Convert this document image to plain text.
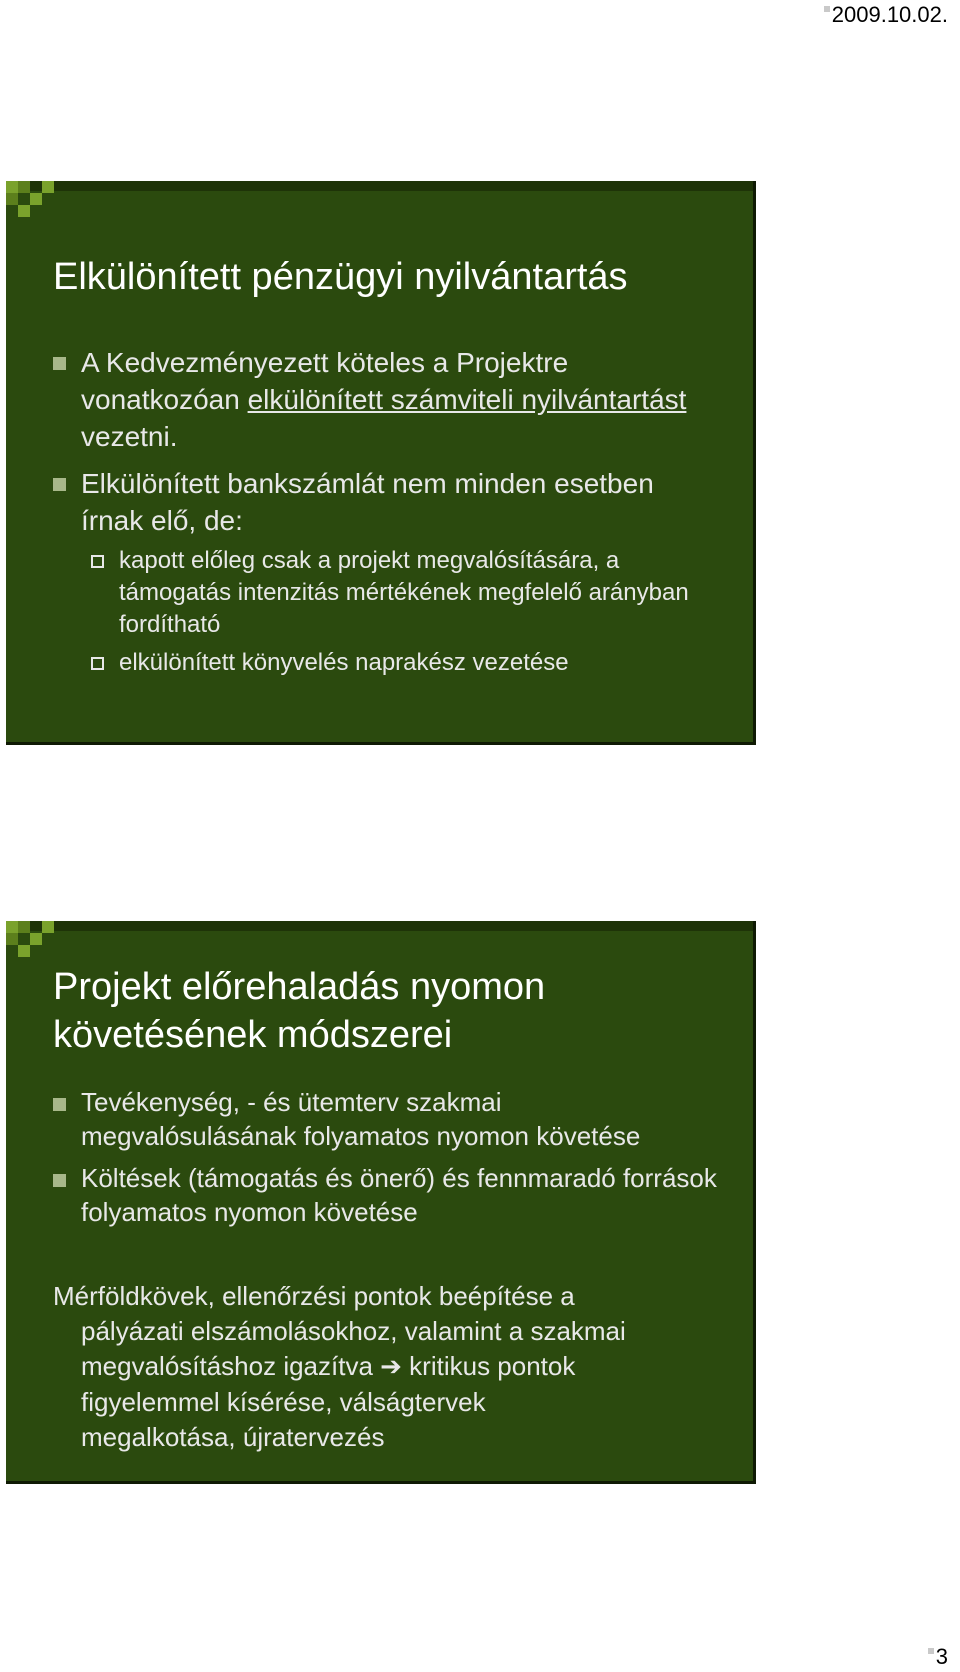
2009.10.02.
Elkülönített pénzügyi nyilvántartás
A Kedvezményezett köteles a Projektre vonatkozóan elkülönített számviteli nyilvántartást vezetni.
Elkülönített bankszámlát nem minden esetben írnak elő, de:
kapott előleg csak a projekt megvalósítására, a támogatás intenzitás mértékének megfelelő arányban fordítható
elkülönített könyvelés naprakész vezetése
Projekt előrehaladás nyomon követésének módszerei
Tevékenység, - és ütemterv szakmai megvalósulásának folyamatos nyomon követése
Költések (támogatás és önerő) és fennmaradó források folyamatos nyomon követése

Mérföldkövek, ellenőrzési pontok beépítése a
pályázati elszámolásokhoz, valamint a szakmai
megvalósításhoz igazítva ➔ kritikus pontok
figyelemmel kísérése, válságtervek
megalkotása, újratervezés

3
